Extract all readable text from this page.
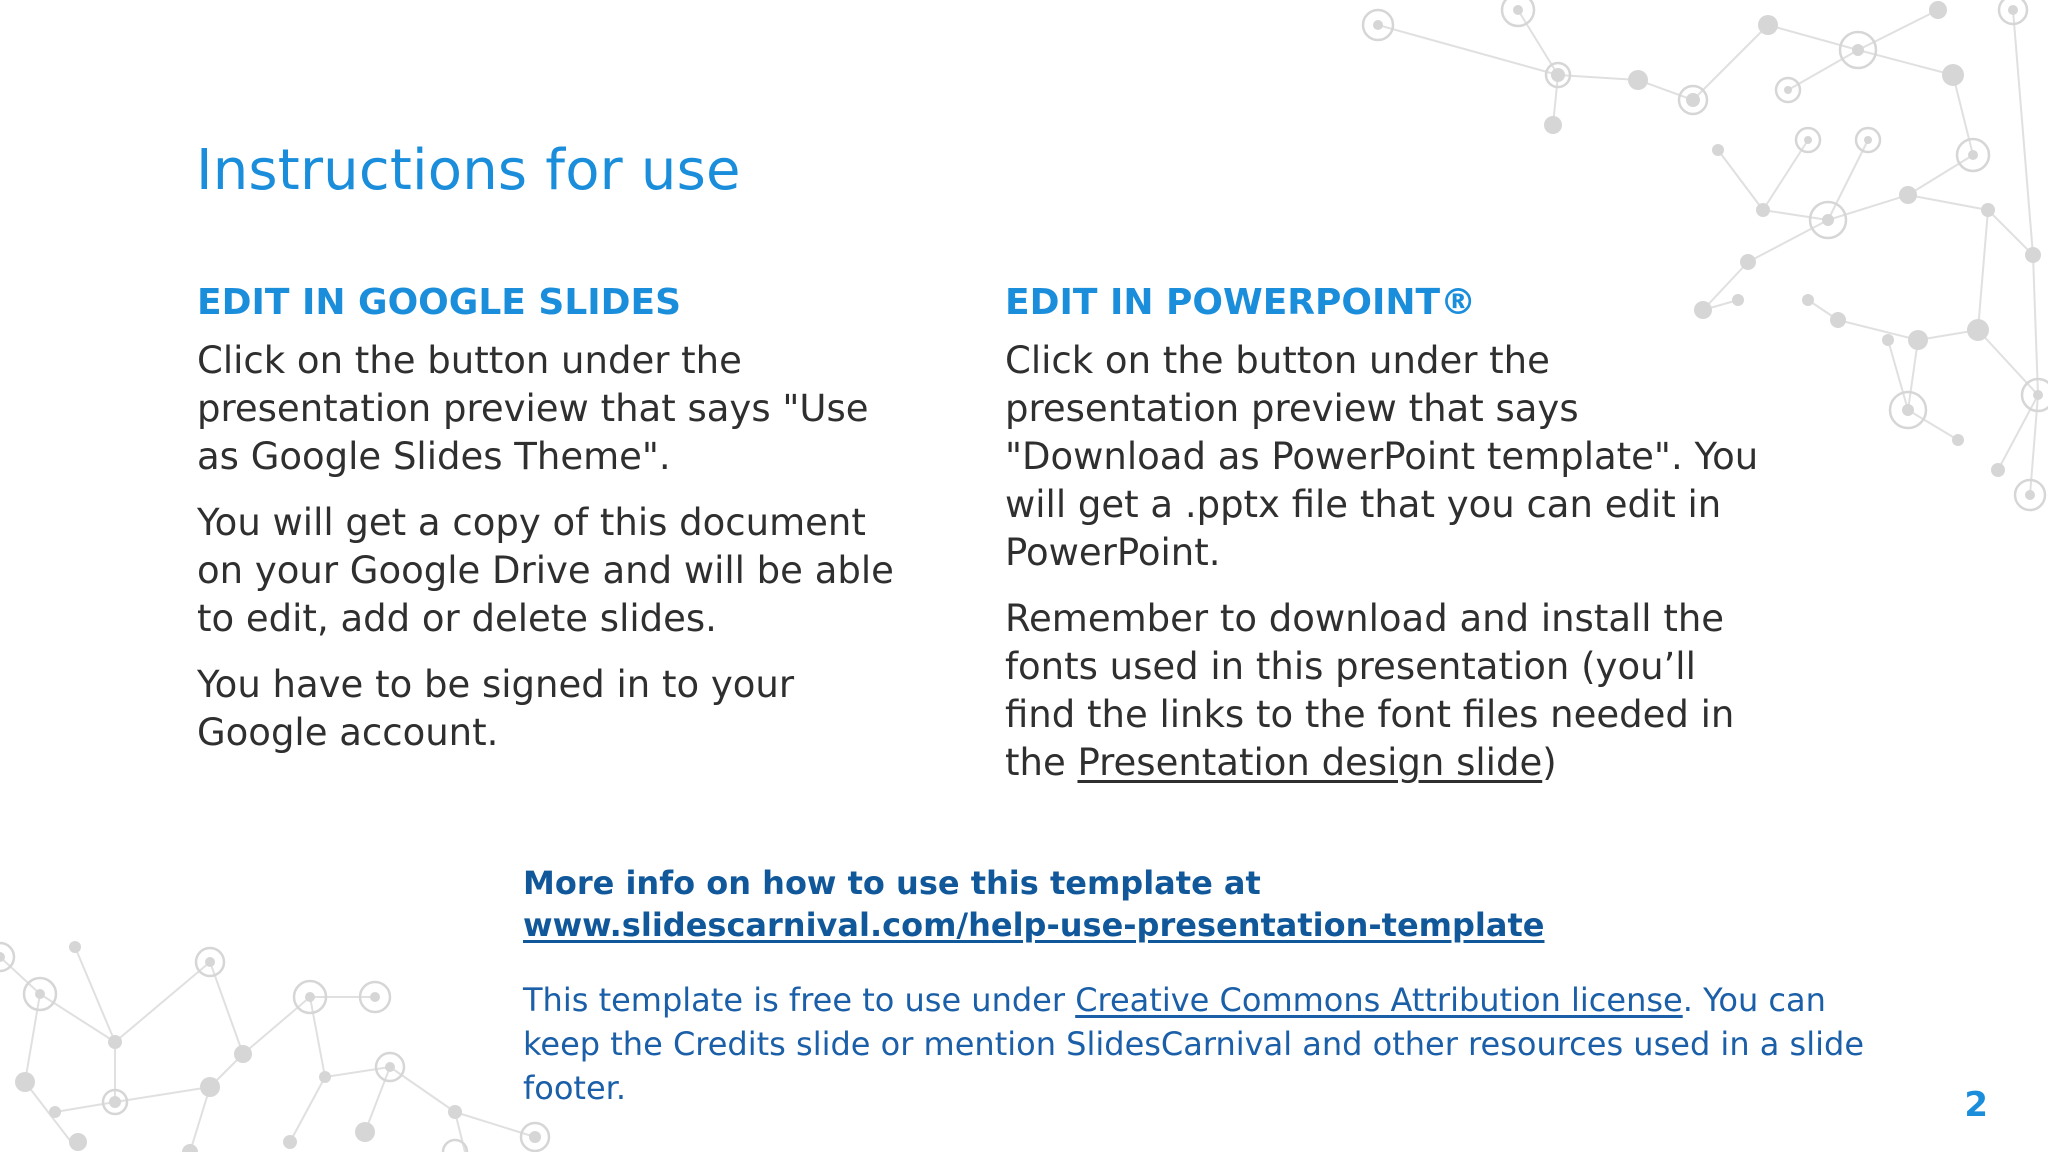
Instructions for use
EDIT IN GOOGLE SLIDES

Click on the button under the presentation preview that says "Use as Google Slides Theme".

You will get a copy of this document on your Google Drive and will be able to edit, add or delete slides.

You have to be signed in to your Google account.

EDIT IN POWERPOINT®

Click on the button under the presentation preview that says "Download as PowerPoint template". You will get a .pptx file that you can edit in PowerPoint.

Remember to download and install the fonts used in this presentation (you’ll find the links to the font files needed in the Presentation design slide)

More info on how to use this template at
www.slidescarnival.com/help-use-presentation-template

This template is free to use under Creative Commons Attribution license. You can keep the Credits slide or mention SlidesCarnival and other resources used in a slide footer.	2
